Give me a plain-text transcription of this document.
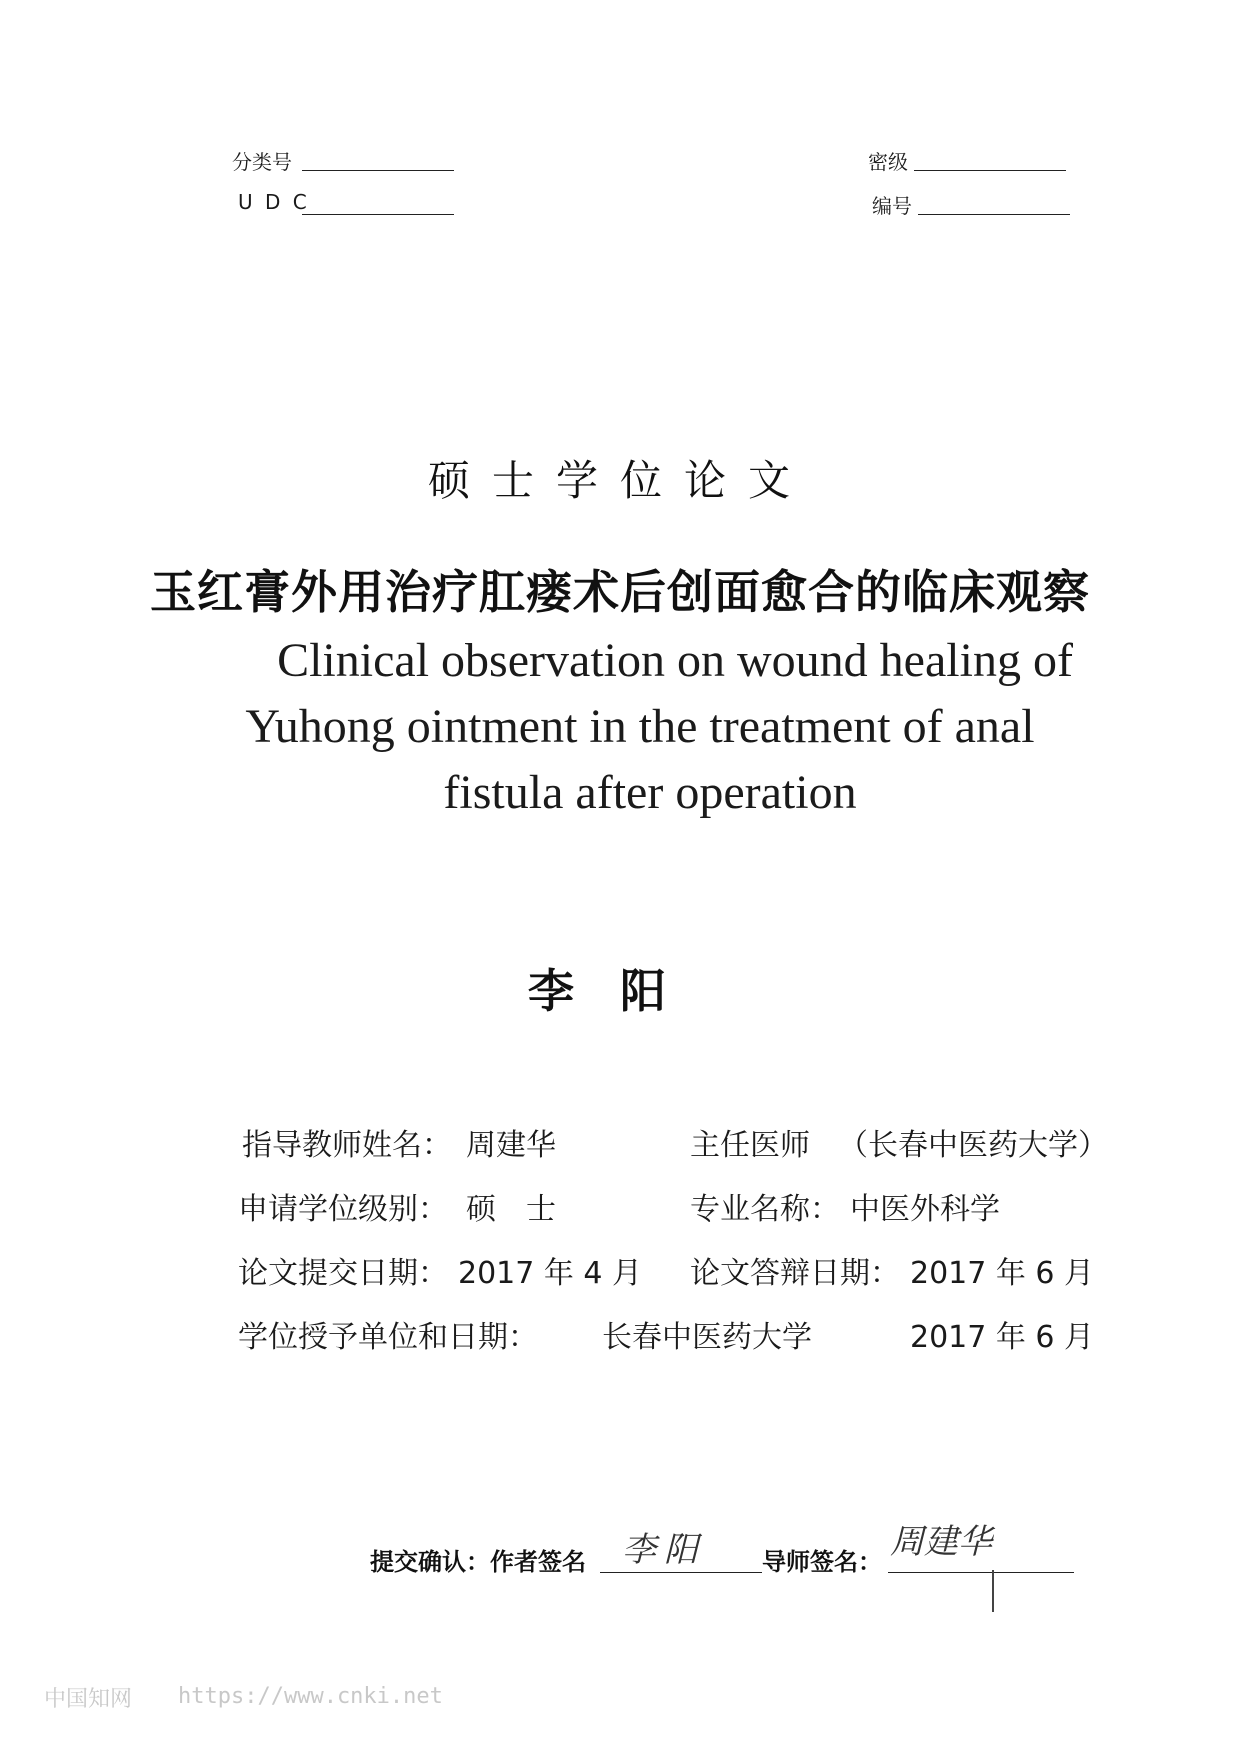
分类号
U D C
密级
编号
硕士学位论文
玉红膏外用治疗肛瘘术后创面愈合的临床观察
Clinical observation on wound healing of
Yuhong ointment in the treatment of anal
fistula after operation
李阳
指导教师姓名： 周建华	主任医师 （长春中医药大学）
申请学位级别： 硕　士	专业名称： 中医外科学
论文提交日期： 2017 年 4 月 论文答辩日期： 2017 年 6 月
学位授予单位和日期： 长春中医药大学	2017 年 6 月
提交确认：作者签名 李阳 导师签名： 周建华
中国知网 https://www.cnki.net
